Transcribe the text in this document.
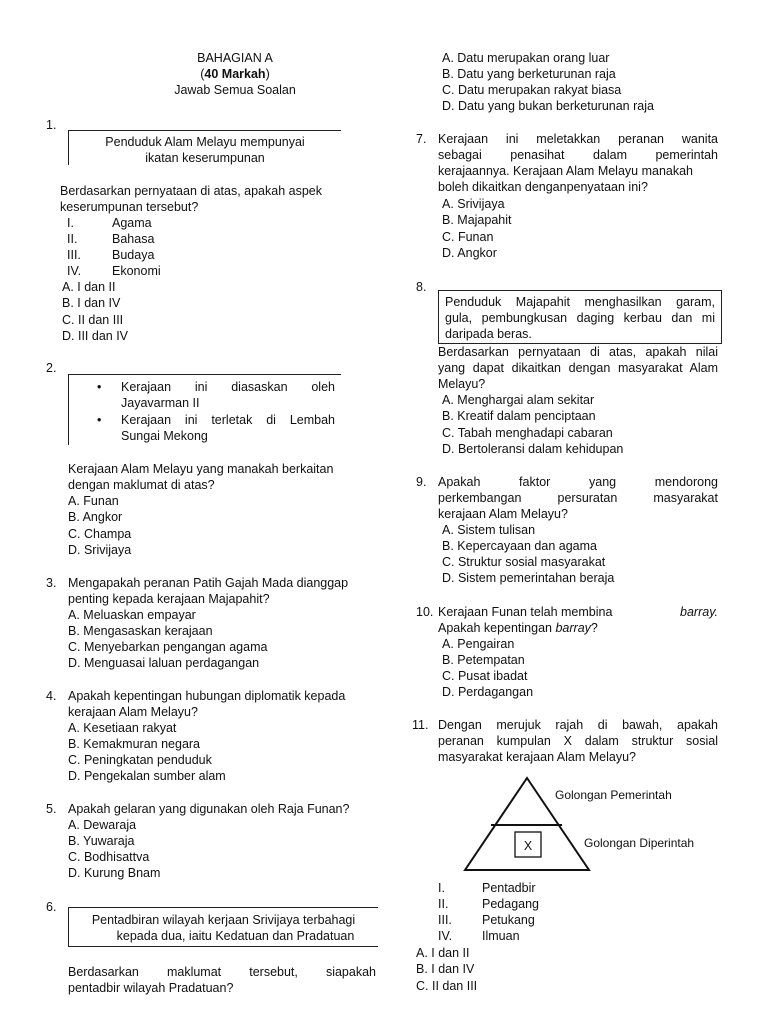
BAHAGIAN A
(40 Markah)
Jawab Semua Soalan
1.
Penduduk Alam Melayu mempunyai
ikatan keserumpunan
Berdasarkan pernyataan di atas, apakah aspek
keserumpunan tersebut?
I.	Agama
II.	Bahasa
III. Budaya
IV. Ekonomi
A. I dan II
B. I dan IV
C. II dan III
D. III dan IV
2.
• Kerajaan ini diasaskan oleh
Jayavarman II
• Kerajaan ini terletak di Lembah
Sungai Mekong
Kerajaan Alam Melayu yang manakah berkaitan
dengan maklumat di atas?
A. Funan
B. Angkor
C. Champa
D. Srivijaya
3. Mengapakah peranan Patih Gajah Mada dianggap
penting kepada kerajaan Majapahit?
A. Meluaskan empayar
B. Mengasaskan kerajaan
C. Menyebarkan pengangan agama
D. Menguasai laluan perdagangan
4. Apakah kepentingan hubungan diplomatik kepada
kerajaan Alam Melayu?
A. Kesetiaan rakyat
B. Kemakmuran negara
C. Peningkatan penduduk
D. Pengekalan sumber alam
5. Apakah gelaran yang digunakan oleh Raja Funan?
A. Dewaraja
B. Yuwaraja
C. Bodhisattva
D. Kurung Bnam
6.
Pentadbiran wilayah kerjaan Srivijaya terbahagi
kepada dua, iaitu Kedatuan dan Pradatuan
Berdasarkan maklumat tersebut, siapakah
pentadbir wilayah Pradatuan?
A. Datu merupakan orang luar
B. Datu yang berketurunan raja
C. Datu merupakan rakyat biasa
D. Datu yang bukan berketurunan raja
7. Kerajaan ini meletakkan peranan wanita
sebagai penasihat dalam pemerintah
kerajaannya. Kerajaan Alam Melayu manakah
boleh dikaitkan denganpenyataan ini?
A. Srivijaya
B. Majapahit
C. Funan
D. Angkor
8.
Penduduk Majapahit menghasilkan garam,
gula, pembungkusan daging kerbau dan mi
daripada beras.
Berdasarkan pernyataan di atas, apakah nilai
yang dapat dikaitkan dengan masyarakat Alam
Melayu?
A. Menghargai alam sekitar
B. Kreatif dalam penciptaan
C. Tabah menghadapi cabaran
D. Bertoleransi dalam kehidupan
9. Apakah faktor yang mendorong
perkembangan persuratan masyarakat
kerajaan Alam Melayu?
A. Sistem tulisan
B. Kepercayaan dan agama
C. Struktur sosial masyarakat
D. Sistem pemerintahan beraja
10. Kerajaan Funan telah membina	barray.
Apakah kepentingan barray?
A. Pengairan
B. Petempatan
C. Pusat ibadat
D. Perdagangan
11. Dengan merujuk rajah di bawah, apakah
peranan kumpulan X dalam struktur sosial
masyarakat kerajaan Alam Melayu?
X
Golongan Pemerintah
Golongan Diperintah
I.	Pentadbir
II.	Pedagang
III. Petukang
IV. Ilmuan
A. I dan II
B. I dan IV
C. II dan III
